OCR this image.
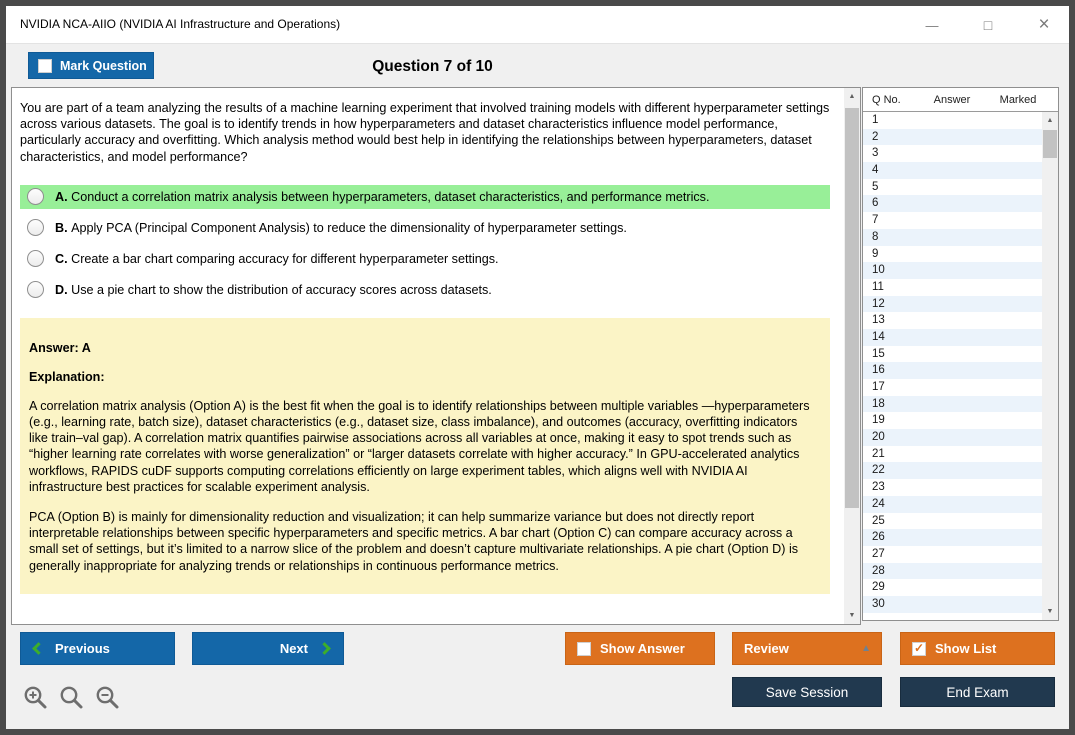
NVIDIA NCA-AIIO (NVIDIA AI Infrastructure and Operations)	—	□	×
Mark Question	Question 7 of 10

You are part of a team analyzing the results of a machine learning experiment that involved training models with different hyperparameter settings across various datasets. The goal is to identify trends in how hyperparameters and dataset characteristics influence model performance, particularly accuracy and overfitting. Which analysis method would best help in identifying the relationships between hyperparameters, dataset characteristics, and model performance?

A. Conduct a correlation matrix analysis between hyperparameters, dataset characteristics, and performance metrics.
B. Apply PCA (Principal Component Analysis) to reduce the dimensionality of hyperparameter settings.
C. Create a bar chart comparing accuracy for different hyperparameter settings.
D. Use a pie chart to show the distribution of accuracy scores across datasets.

Answer: A

Explanation:

A correlation matrix analysis (Option A) is the best fit when the goal is to identify relationships between multiple variables —hyperparameters (e.g., learning rate, batch size), dataset characteristics (e.g., dataset size, class imbalance), and outcomes (accuracy, overfitting indicators like train–val gap). A correlation matrix quantifies pairwise associations across all variables at once, making it easy to spot trends such as “higher learning rate correlates with worse generalization” or “larger datasets correlate with higher accuracy.” In GPU-accelerated analytics workflows, RAPIDS cuDF supports computing correlations efficiently on large experiment tables, which aligns well with NVIDIA AI infrastructure best practices for scalable experiment analysis.

PCA (Option B) is mainly for dimensionality reduction and visualization; it can help summarize variance but does not directly report interpretable relationships between specific hyperparameters and specific metrics. A bar chart (Option C) can compare accuracy across a small set of settings, but it’s limited to a narrow slice of the problem and doesn’t capture multivariate relationships. A pie chart (Option D) is generally inappropriate for analyzing trends or relationships in continuous performance metrics.

▲
▼
Q No.	Answer	Marked
1
2
3
4
5
6
7
8
9
10
11
12
13
14
15
16
17
18
19
20
21
22
23
24
25
26
27
28
29
30
▲
▼
Previous	Next	Show Answer	Review	▲	✓ Show List
Save Session	End Exam
